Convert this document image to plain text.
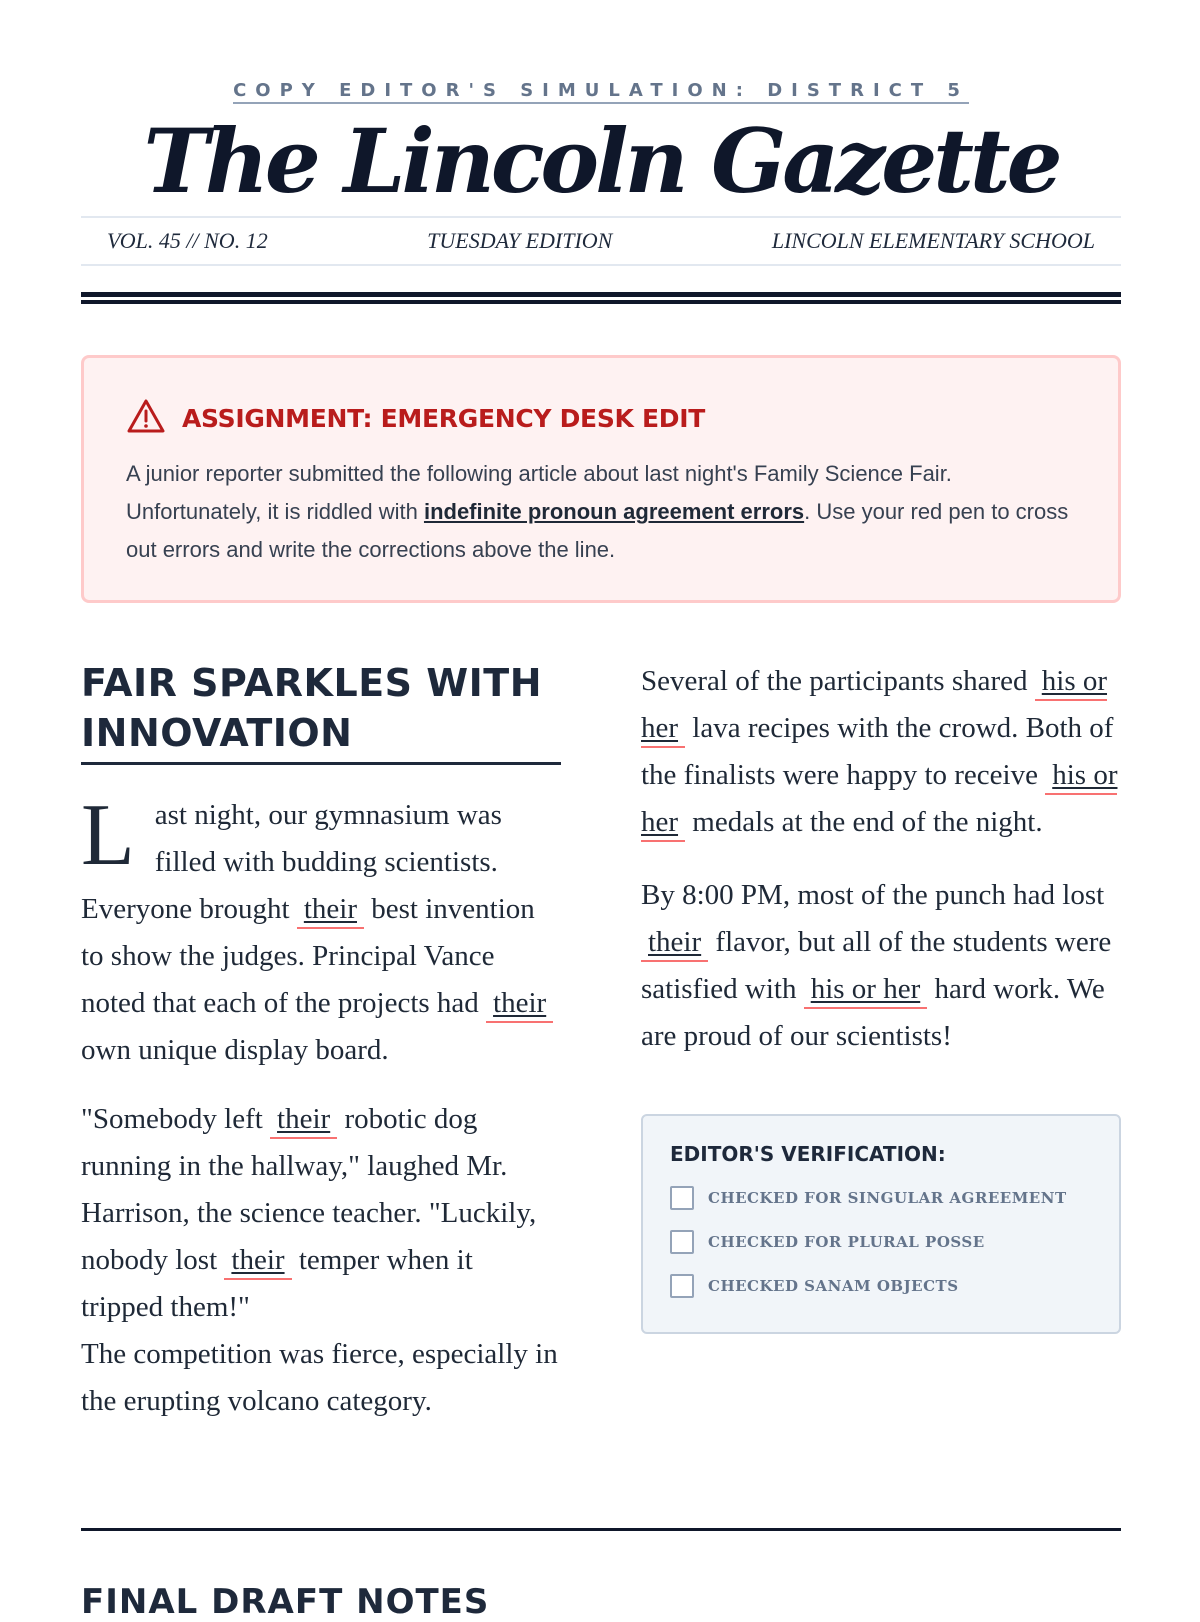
COPY EDITOR'S SIMULATION: DISTRICT 5
The Lincoln Gazette
VOL. 45 // NO. 12	TUESDAY EDITION	LINCOLN ELEMENTARY SCHOOL
ASSIGNMENT: EMERGENCY DESK EDIT
A junior reporter submitted the following article about last night's Family Science Fair. Unfortunately, it is riddled with indefinite pronoun agreement errors. Use your red pen to cross out errors and write the corrections above the line.
FAIR SPARKLES WITH INNOVATION

Last night, our gymnasium was filled with budding scientists. Everyone brought their best invention to show the judges. Principal Vance noted that each of the projects had their own unique display board.

"Somebody left their robotic dog running in the hallway," laughed Mr. Harrison, the science teacher. "Luckily, nobody lost their temper when it tripped them!"
The competition was fierce, especially in the erupting volcano category.

Several of the participants shared his or her lava recipes with the crowd. Both of the finalists were happy to receive his or her medals at the end of the night.

By 8:00 PM, most of the punch had lost their flavor, but all of the students were satisfied with his or her hard work. We are proud of our scientists!

EDITOR'S VERIFICATION:
CHECKED FOR SINGULAR AGREEMENT
CHECKED FOR PLURAL POSSE
CHECKED SANAM OBJECTS
FINAL DRAFT NOTES
